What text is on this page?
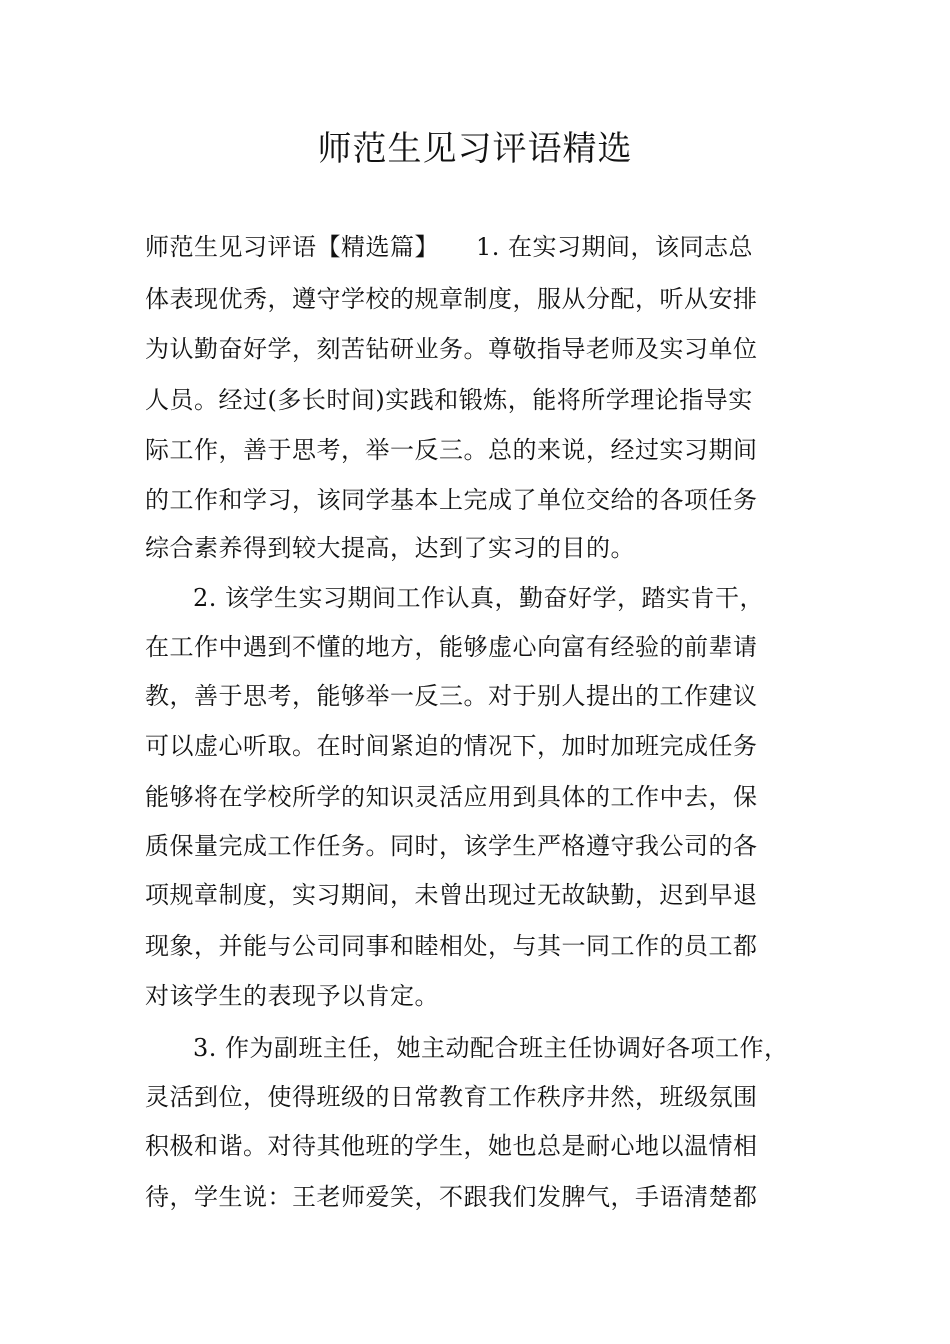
师范生见习评语精选
师范生见习评语【精选篇】　　1. 在实习期间，该同志总
体表现优秀，遵守学校的规章制度，服从分配，听从安排
为认勤奋好学，刻苦钻研业务。尊敬指导老师及实习单位
人员。经过(多长时间)实践和锻炼，能将所学理论指导实
际工作，善于思考，举一反三。总的来说，经过实习期间
的工作和学习，该同学基本上完成了单位交给的各项任务
综合素养得到较大提高，达到了实习的目的。
2. 该学生实习期间工作认真，勤奋好学，踏实肯干，
在工作中遇到不懂的地方，能够虚心向富有经验的前辈请
教，善于思考，能够举一反三。对于别人提出的工作建议
可以虚心听取。在时间紧迫的情况下，加时加班完成任务
能够将在学校所学的知识灵活应用到具体的工作中去，保
质保量完成工作任务。同时，该学生严格遵守我公司的各
项规章制度，实习期间，未曾出现过无故缺勤，迟到早退
现象，并能与公司同事和睦相处，与其一同工作的员工都
对该学生的表现予以肯定。
3. 作为副班主任，她主动配合班主任协调好各项工作，
灵活到位，使得班级的日常教育工作秩序井然，班级氛围
积极和谐。对待其他班的学生，她也总是耐心地以温情相
待，学生说：王老师爱笑，不跟我们发脾气，手语清楚都
